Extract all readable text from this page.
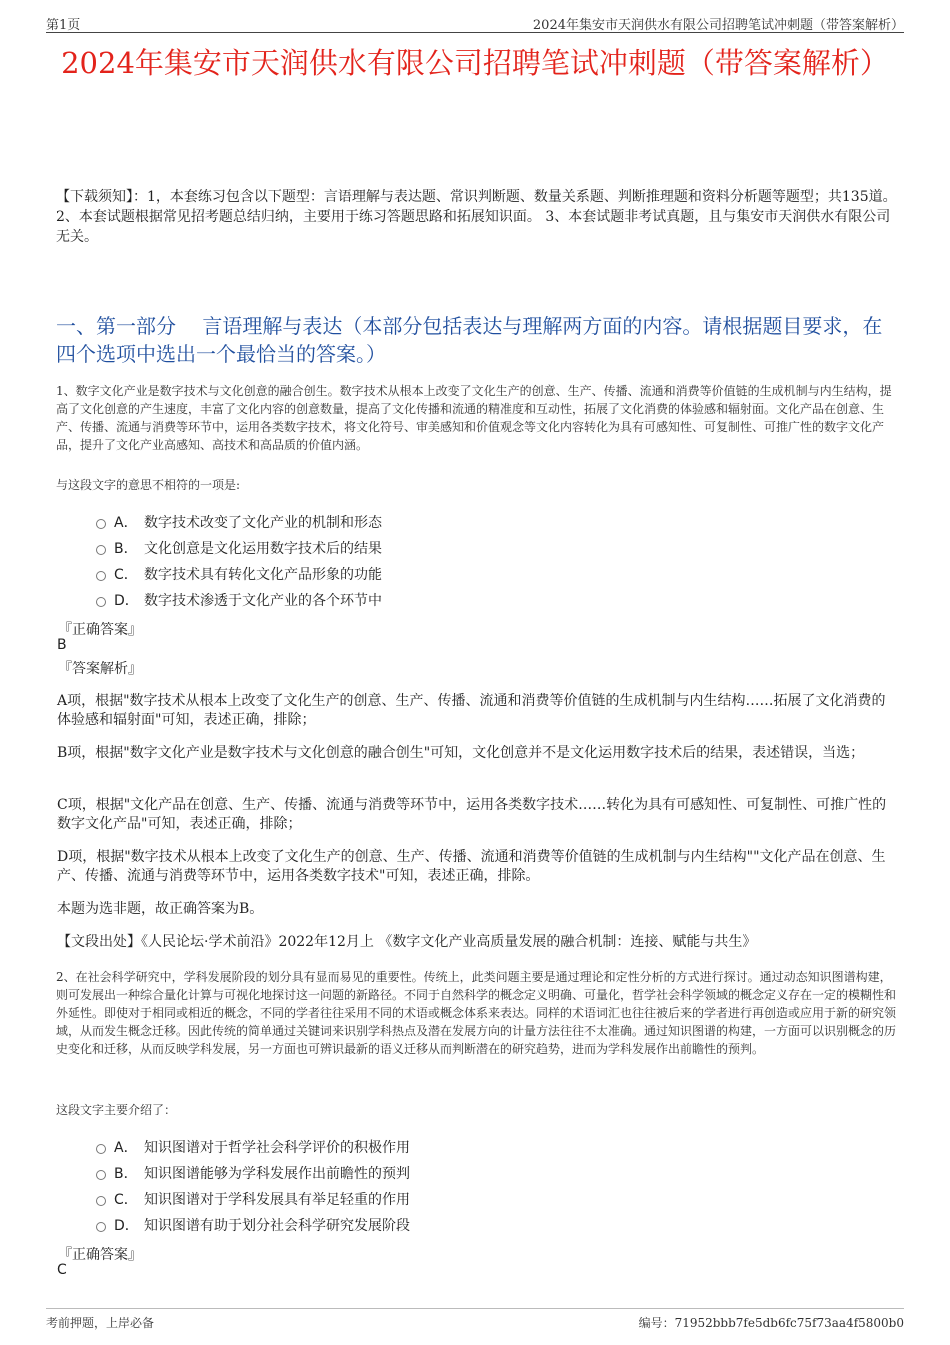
第1页	2024年集安市天润供水有限公司招聘笔试冲刺题（带答案解析）
2024年集安市天润供水有限公司招聘笔试冲刺题（带答案解析）
【下载须知】：1，本套练习包含以下题型：言语理解与表达题、常识判断题、数量关系题、判断推理题和资料分析题等题型；共135道。 2、本套试题根据常见招考题总结归纳，主要用于练习答题思路和拓展知识面。 3、本套试题非考试真题，且与集安市天润供水有限公司无关。
一、第一部分　 言语理解与表达（本部分包括表达与理解两方面的内容。请根据题目要求，在四个选项中选出一个最恰当的答案。）
1、数字文化产业是数字技术与文化创意的融合创生。数字技术从根本上改变了文化生产的创意、生产、传播、流通和消费等价值链的生成机制与内生结构，提高了文化创意的产生速度，丰富了文化内容的创意数量，提高了文化传播和流通的精准度和互动性，拓展了文化消费的体验感和辐射面。文化产品在创意、生产、传播、流通与消费等环节中，运用各类数字技术，将文化符号、审美感知和价值观念等文化内容转化为具有可感知性、可复制性、可推广性的数字文化产品，提升了文化产业高感知、高技术和高品质的价值内涵。
与这段文字的意思不相符的一项是:
A． 数字技术改变了文化产业的机制和形态
B． 文化创意是文化运用数字技术后的结果
C． 数字技术具有转化文化产品形象的功能
D． 数字技术渗透于文化产业的各个环节中
『正确答案』
B
『答案解析』
A项，根据"数字技术从根本上改变了文化生产的创意、生产、传播、流通和消费等价值链的生成机制与内生结构……拓展了文化消费的体验感和辐射面"可知，表述正确，排除；
B项，根据"数字文化产业是数字技术与文化创意的融合创生"可知，文化创意并不是文化运用数字技术后的结果，表述错误，当选；
C项，根据"文化产品在创意、生产、传播、流通与消费等环节中，运用各类数字技术……转化为具有可感知性、可复制性、可推广性的数字文化产品"可知，表述正确，排除；
D项，根据"数字技术从根本上改变了文化生产的创意、生产、传播、流通和消费等价值链的生成机制与内生结构""文化产品在创意、生产、传播、流通与消费等环节中，运用各类数字技术"可知，表述正确，排除。
本题为选非题，故正确答案为B。
【文段出处】《人民论坛·学术前沿》2022年12月上 《数字文化产业高质量发展的融合机制：连接、赋能与共生》
2、在社会科学研究中，学科发展阶段的划分具有显而易见的重要性。传统上，此类问题主要是通过理论和定性分析的方式进行探讨。通过动态知识图谱构建，则可发展出一种综合量化计算与可视化地探讨这一问题的新路径。不同于自然科学的概念定义明确、可量化，哲学社会科学领域的概念定义存在一定的模糊性和外延性。即使对于相同或相近的概念，不同的学者往往采用不同的术语或概念体系来表达。同样的术语词汇也往往被后来的学者进行再创造或应用于新的研究领域，从而发生概念迁移。因此传统的简单通过关键词来识别学科热点及潜在发展方向的计量方法往往不太准确。通过知识图谱的构建，一方面可以识别概念的历史变化和迁移，从而反映学科发展，另一方面也可辨识最新的语义迁移从而判断潜在的研究趋势，进而为学科发展作出前瞻性的预判。
这段文字主要介绍了：
A． 知识图谱对于哲学社会科学评价的积极作用
B． 知识图谱能够为学科发展作出前瞻性的预判
C． 知识图谱对于学科发展具有举足轻重的作用
D． 知识图谱有助于划分社会科学研究发展阶段
『正确答案』
C
考前押题，上岸必备	编号：71952bbb7fe5db6fc75f73aa4f5800b0
